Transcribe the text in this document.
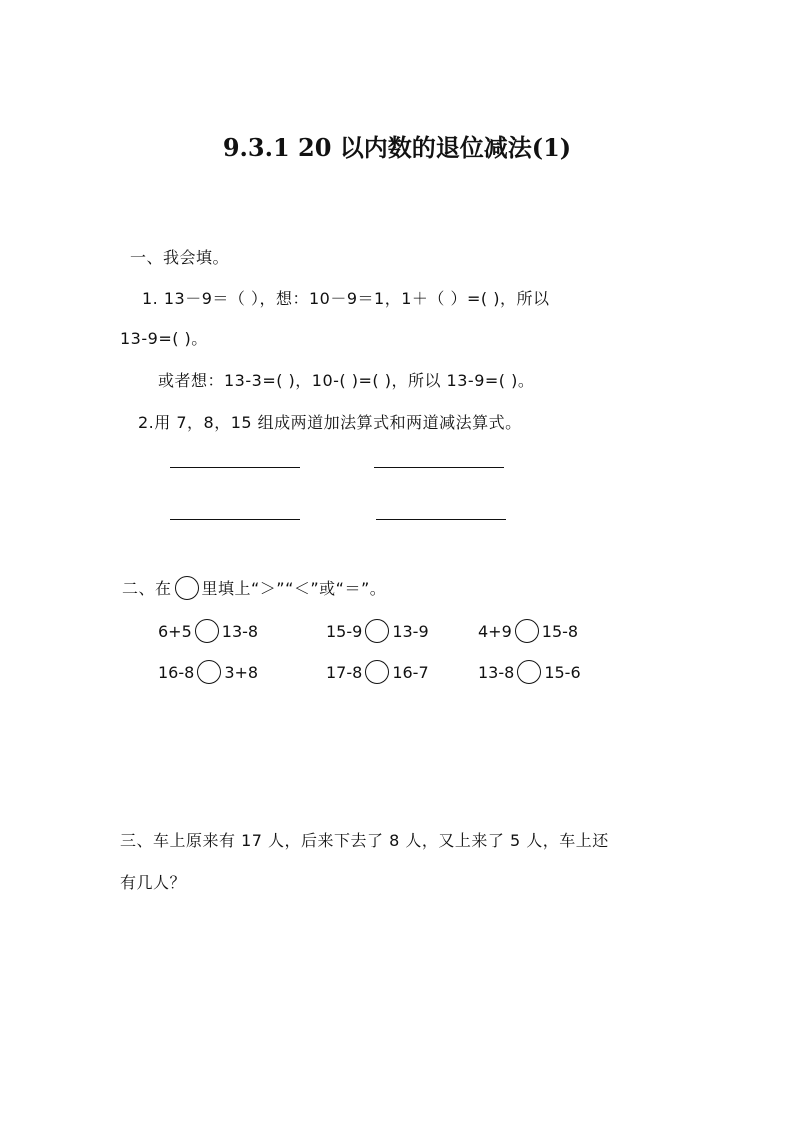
9.3.1 20 以内数的退位减法(1)
一、我会填。
1. 13－9＝（ ），想：10－9＝1，1＋（ ）=( )，所以
13-9=( )。
或者想：13-3=( )，10-( )=( )，所以 13-9=( )。
2.用 7，8，15 组成两道加法算式和两道减法算式。
二、在 里填上“＞”“＜”或“＝”。
6+5 13-8	15-9 13-9	4+9 15-8
16-8 3+8	17-8 16-7	13-8 15-6
三、车上原来有 17 人，后来下去了 8 人，又上来了 5 人，车上还
有几人？
